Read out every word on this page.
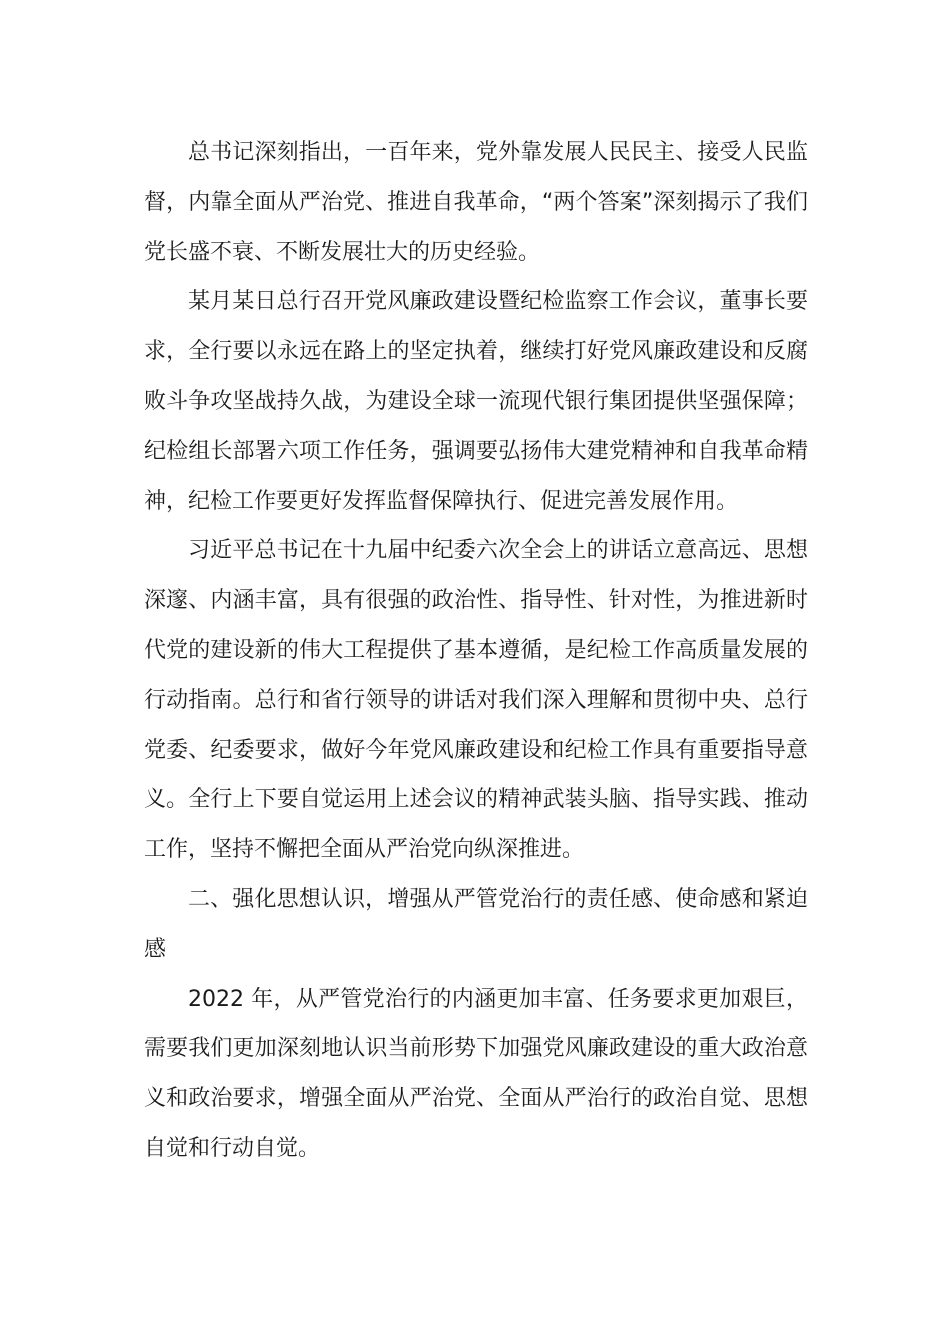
总书记深刻指出，一百年来，党外靠发展人民民主、接受人民监督，内靠全面从严治党、推进自我革命，“两个答案”深刻揭示了我们党长盛不衰、不断发展壮大的历史经验。

某月某日总行召开党风廉政建设暨纪检监察工作会议，董事长要求，全行要以永远在路上的坚定执着，继续打好党风廉政建设和反腐败斗争攻坚战持久战，为建设全球一流现代银行集团提供坚强保障；纪检组长部署六项工作任务，强调要弘扬伟大建党精神和自我革命精神，纪检工作要更好发挥监督保障执行、促进完善发展作用。

习近平总书记在十九届中纪委六次全会上的讲话立意高远、思想深邃、内涵丰富，具有很强的政治性、指导性、针对性，为推进新时代党的建设新的伟大工程提供了基本遵循，是纪检工作高质量发展的行动指南。总行和省行领导的讲话对我们深入理解和贯彻中央、总行党委、纪委要求，做好今年党风廉政建设和纪检工作具有重要指导意义。全行上下要自觉运用上述会议的精神武装头脑、指导实践、推动工作，坚持不懈把全面从严治党向纵深推进。

二、强化思想认识，增强从严管党治行的责任感、使命感和紧迫感

2022 年，从严管党治行的内涵更加丰富、任务要求更加艰巨，需要我们更加深刻地认识当前形势下加强党风廉政建设的重大政治意义和政治要求，增强全面从严治党、全面从严治行的政治自觉、思想自觉和行动自觉。
